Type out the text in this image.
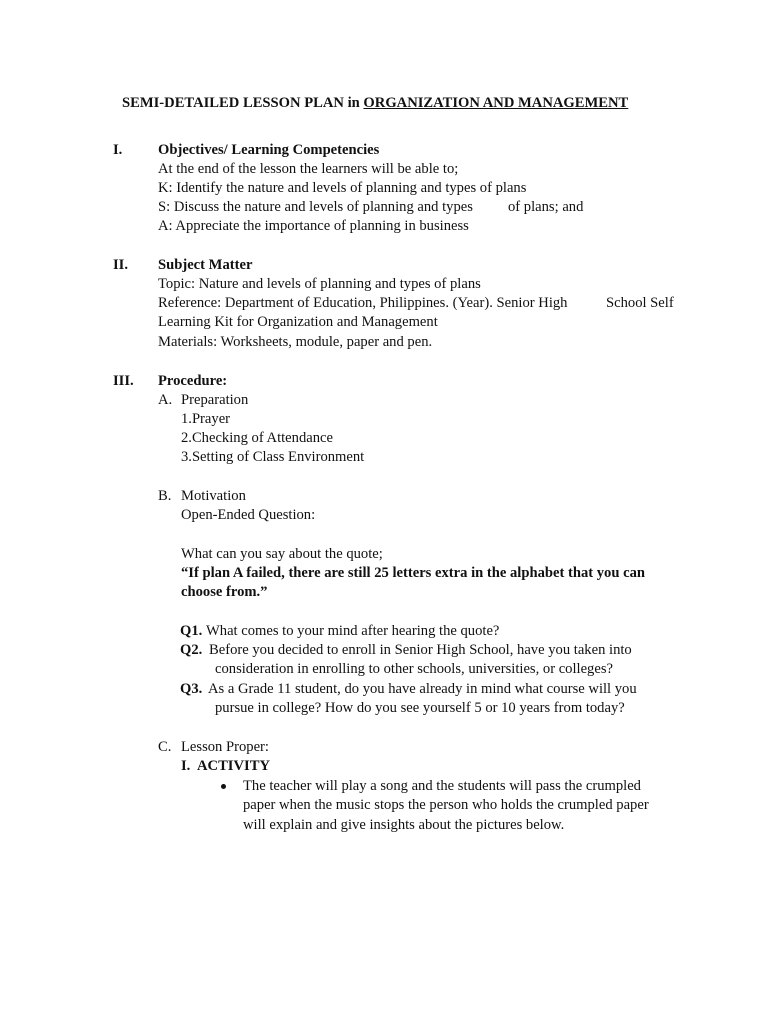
SEMI-DETAILED LESSON PLAN in ORGANIZATION AND MANAGEMENT
I. Objectives/ Learning Competencies
At the end of the lesson the learners will be able to;
K: Identify the nature and levels of planning and types of plans
S: Discuss the nature and levels of planning and types of plans; and
A: Appreciate the importance of planning in business
II. Subject Matter
Topic: Nature and levels of planning and types of plans
Reference: Department of Education, Philippines. (Year). Senior High	School Self
Learning Kit for Organization and Management
Materials: Worksheets, module, paper and pen.
III. Procedure:
A. Preparation
1.Prayer
2.Checking of Attendance
3.Setting of Class Environment
B. Motivation
Open-Ended Question:
What can you say about the quote;
“If plan A failed, there are still 25 letters extra in the alphabet that you can
choose from.”
Q1. What comes to your mind after hearing the quote?
Q2. Before you decided to enroll in Senior High School, have you taken into
consideration in enrolling to other schools, universities, or colleges?
Q3. As a Grade 11 student, do you have already in mind what course will you
pursue in college? How do you see yourself 5 or 10 years from today?
C. Lesson Proper:
I. ACTIVITY
The teacher will play a song and the students will pass the crumpled
paper when the music stops the person who holds the crumpled paper
will explain and give insights about the pictures below.
